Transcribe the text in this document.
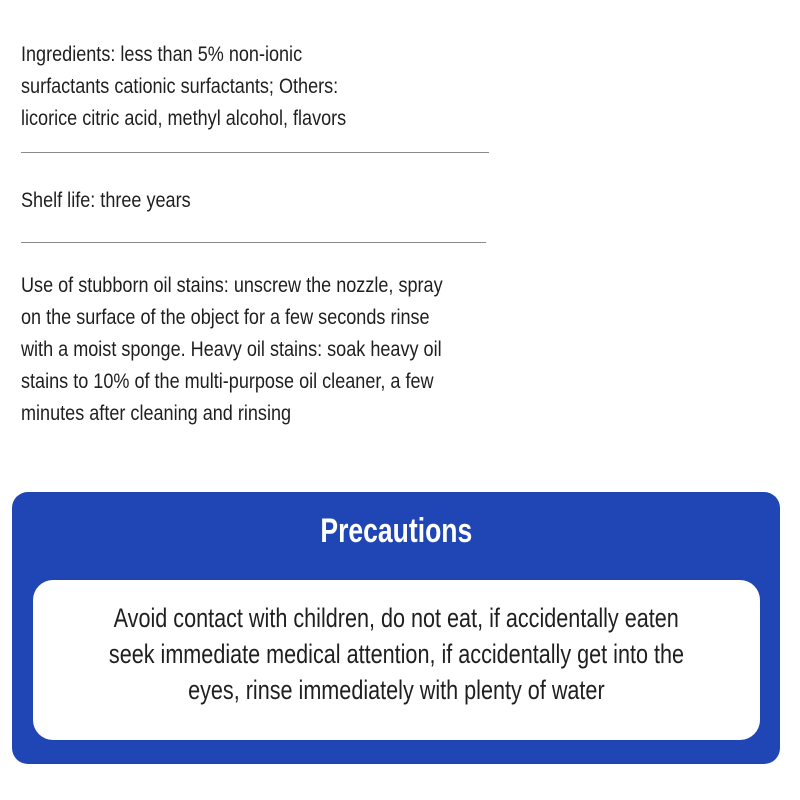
Ingredients: less than 5% non-ionic
surfactants cationic surfactants; Others:
licorice citric acid, methyl alcohol, flavors
Shelf life: three years
Use of stubborn oil stains: unscrew the nozzle, spray
on the surface of the object for a few seconds rinse
with a moist sponge. Heavy oil stains: soak heavy oil
stains to 10% of the multi-purpose oil cleaner, a few
minutes after cleaning and rinsing
Precautions
Avoid contact with children, do not eat, if accidentally eaten
seek immediate medical attention, if accidentally get into the
eyes, rinse immediately with plenty of water
